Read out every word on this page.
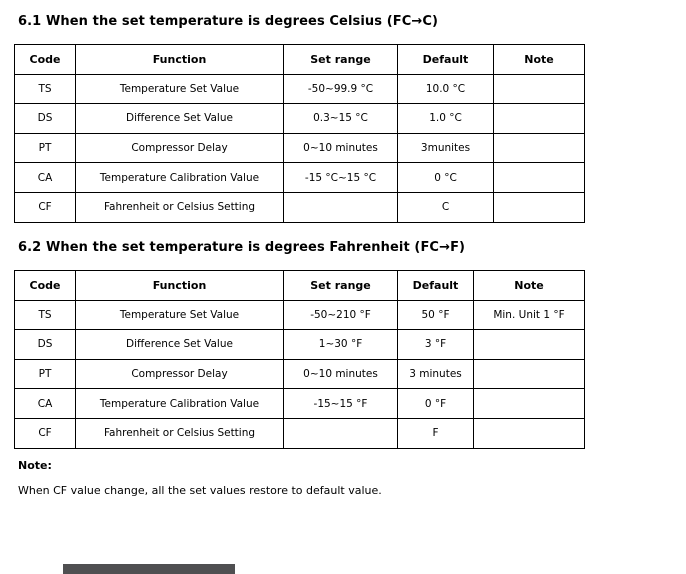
6.1 When the set temperature is degrees Celsius (FC→C)
Code	Function	Set range	Default	Note
TS	Temperature Set Value	-50~99.9 °C	10.0 °C	
DS	Difference Set Value	0.3~15 °C	1.0 °C	
PT	Compressor Delay	0~10 minutes	3munites	
CA	Temperature Calibration Value	-15 °C~15 °C	0 °C	
CF	Fahrenheit or Celsius Setting		C	
6.2 When the set temperature is degrees Fahrenheit (FC→F)
Code	Function	Set range	Default	Note
TS	Temperature Set Value	-50~210 °F	50 °F	Min. Unit 1 °F
DS	Difference Set Value	1~30 °F	3 °F	
PT	Compressor Delay	0~10 minutes	3 minutes	
CA	Temperature Calibration Value	-15~15 °F	0 °F	
CF	Fahrenheit or Celsius Setting		F	
Note:
When CF value change, all the set values restore to default value.
